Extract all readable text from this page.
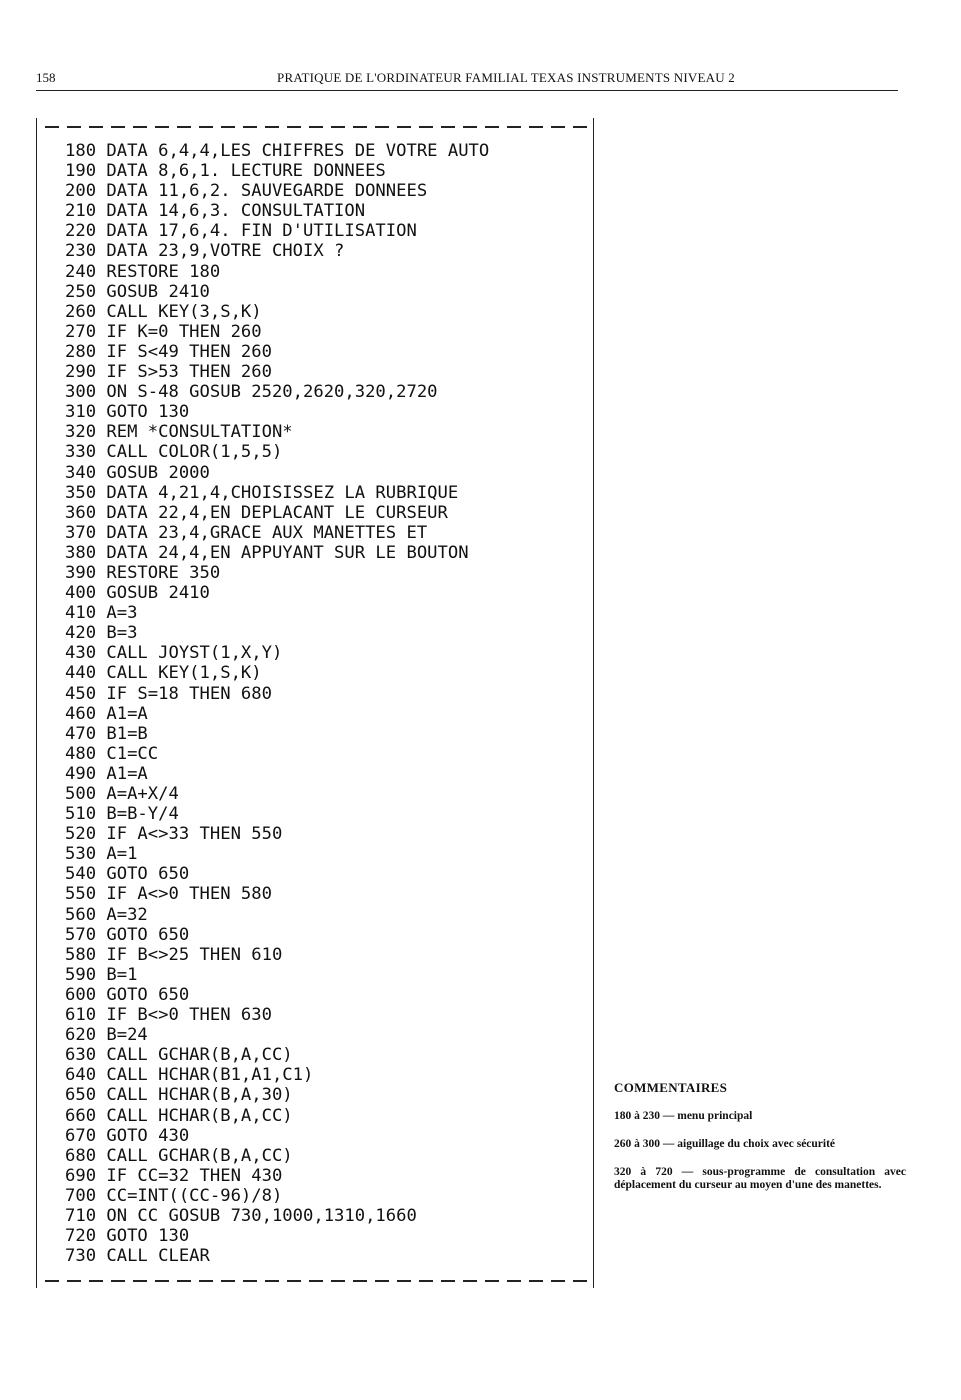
158	PRATIQUE DE L'ORDINATEUR FAMILIAL TEXAS INSTRUMENTS NIVEAU 2
180 DATA 6,4,4,LES CHIFFRES DE VOTRE AUTO
190 DATA 8,6,1. LECTURE DONNEES
200 DATA 11,6,2. SAUVEGARDE DONNEES
210 DATA 14,6,3. CONSULTATION
220 DATA 17,6,4. FIN D'UTILISATION
230 DATA 23,9,VOTRE CHOIX ?
240 RESTORE 180
250 GOSUB 2410
260 CALL KEY(3,S,K)
270 IF K=0 THEN 260
280 IF S<49 THEN 260
290 IF S>53 THEN 260
300 ON S-48 GOSUB 2520,2620,320,2720
310 GOTO 130
320 REM *CONSULTATION*
330 CALL COLOR(1,5,5)
340 GOSUB 2000
350 DATA 4,21,4,CHOISISSEZ LA RUBRIQUE
360 DATA 22,4,EN DEPLACANT LE CURSEUR
370 DATA 23,4,GRACE AUX MANETTES ET
380 DATA 24,4,EN APPUYANT SUR LE BOUTON
390 RESTORE 350
400 GOSUB 2410
410 A=3
420 B=3
430 CALL JOYST(1,X,Y)
440 CALL KEY(1,S,K)
450 IF S=18 THEN 680
460 A1=A
470 B1=B
480 C1=CC
490 A1=A
500 A=A+X/4
510 B=B-Y/4
520 IF A<>33 THEN 550
530 A=1
540 GOTO 650
550 IF A<>0 THEN 580
560 A=32
570 GOTO 650
580 IF B<>25 THEN 610
590 B=1
600 GOTO 650
610 IF B<>0 THEN 630
620 B=24
630 CALL GCHAR(B,A,CC)
640 CALL HCHAR(B1,A1,C1)
650 CALL HCHAR(B,A,30)
660 CALL HCHAR(B,A,CC)
670 GOTO 430
680 CALL GCHAR(B,A,CC)
690 IF CC=32 THEN 430
700 CC=INT((CC-96)/8)
710 ON CC GOSUB 730,1000,1310,1660
720 GOTO 130
730 CALL CLEAR
COMMENTAIRES
180 à 230 — menu principal
260 à 300 — aiguillage du choix avec sécurité
320 à 720 — sous-programme de consultation avec déplacement du curseur au moyen d'une des manettes.
